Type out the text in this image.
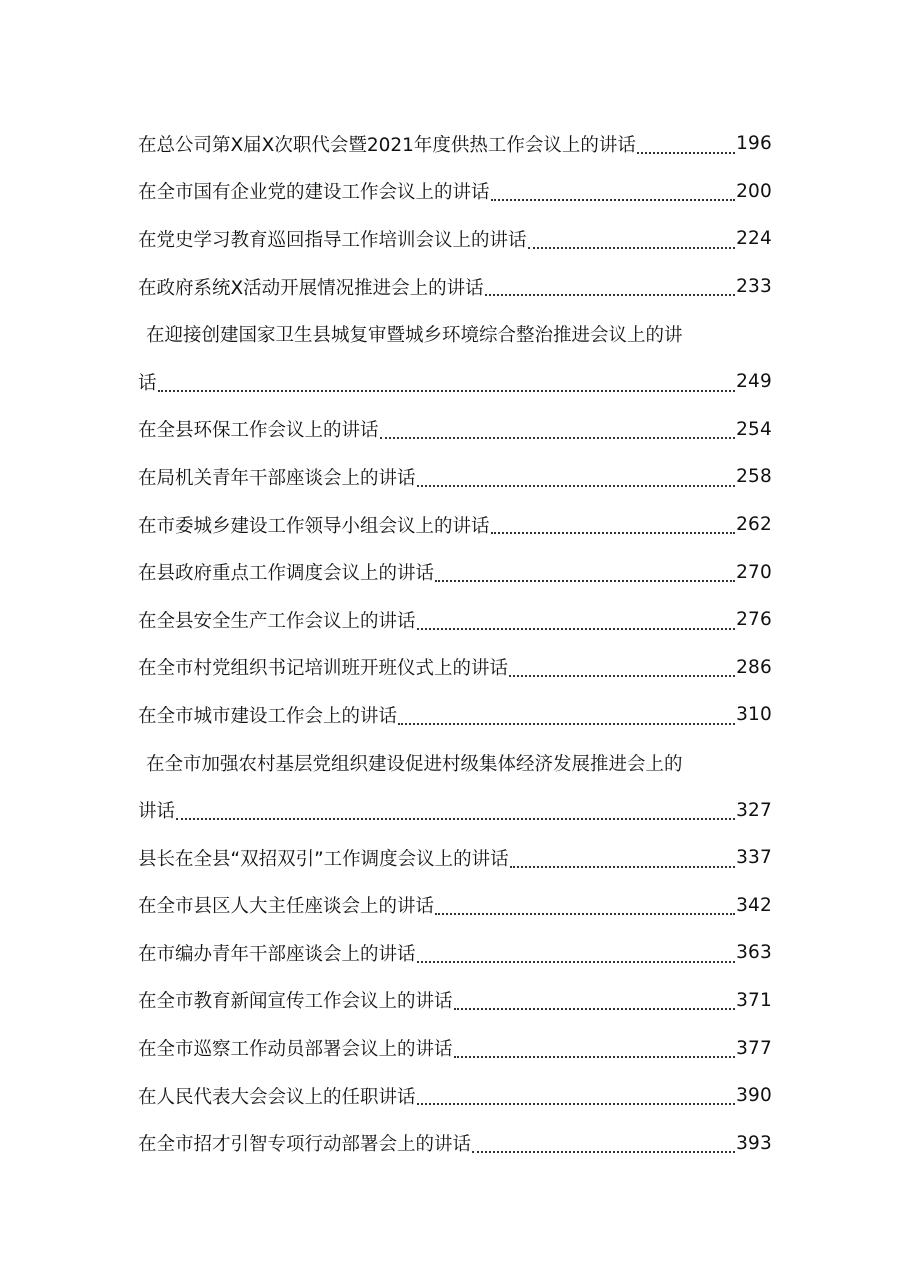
在总公司第X届X次职代会暨2021年度供热工作会议上的讲话	196
在全市国有企业党的建设工作会议上的讲话	200
在党史学习教育巡回指导工作培训会议上的讲话	224
在政府系统X活动开展情况推进会上的讲话	233
在迎接创建国家卫生县城复审暨城乡环境综合整治推进会议上的讲
话	249
在全县环保工作会议上的讲话	254
在局机关青年干部座谈会上的讲话	258
在市委城乡建设工作领导小组会议上的讲话	262
在县政府重点工作调度会议上的讲话	270
在全县安全生产工作会议上的讲话	276
在全市村党组织书记培训班开班仪式上的讲话	286
在全市城市建设工作会上的讲话	310
在全市加强农村基层党组织建设促进村级集体经济发展推进会上的
讲话	327
县长在全县“双招双引”工作调度会议上的讲话	337
在全市县区人大主任座谈会上的讲话	342
在市编办青年干部座谈会上的讲话	363
在全市教育新闻宣传工作会议上的讲话	371
在全市巡察工作动员部署会议上的讲话	377
在人民代表大会会议上的任职讲话	390
在全市招才引智专项行动部署会上的讲话	393
